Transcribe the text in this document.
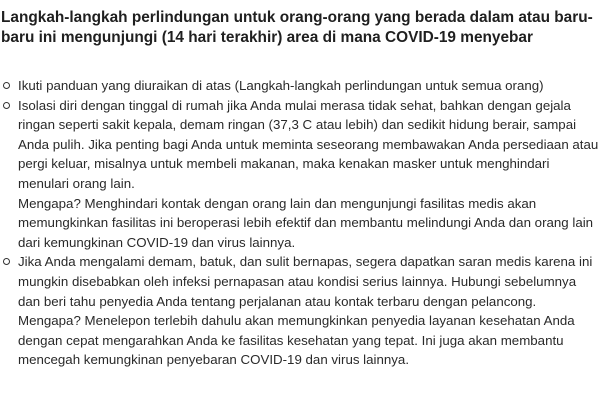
Langkah-langkah perlindungan untuk orang-orang yang berada dalam atau baru-baru ini mengunjungi (14 hari terakhir) area di mana COVID-19 menyebar
Ikuti panduan yang diuraikan di atas (Langkah-langkah perlindungan untuk semua orang)
Isolasi diri dengan tinggal di rumah jika Anda mulai merasa tidak sehat, bahkan dengan gejala ringan seperti sakit kepala, demam ringan (37,3 C atau lebih) dan sedikit hidung berair, sampai Anda pulih. Jika penting bagi Anda untuk meminta seseorang membawakan Anda persediaan atau pergi keluar, misalnya untuk membeli makanan, maka kenakan masker untuk menghindari menulari orang lain.
Mengapa? Menghindari kontak dengan orang lain dan mengunjungi fasilitas medis akan memungkinkan fasilitas ini beroperasi lebih efektif dan membantu melindungi Anda dan orang lain dari kemungkinan COVID-19 dan virus lainnya.
Jika Anda mengalami demam, batuk, dan sulit bernapas, segera dapatkan saran medis karena ini mungkin disebabkan oleh infeksi pernapasan atau kondisi serius lainnya. Hubungi sebelumnya dan beri tahu penyedia Anda tentang perjalanan atau kontak terbaru dengan pelancong.
Mengapa? Menelepon terlebih dahulu akan memungkinkan penyedia layanan kesehatan Anda dengan cepat mengarahkan Anda ke fasilitas kesehatan yang tepat. Ini juga akan membantu mencegah kemungkinan penyebaran COVID-19 dan virus lainnya.
